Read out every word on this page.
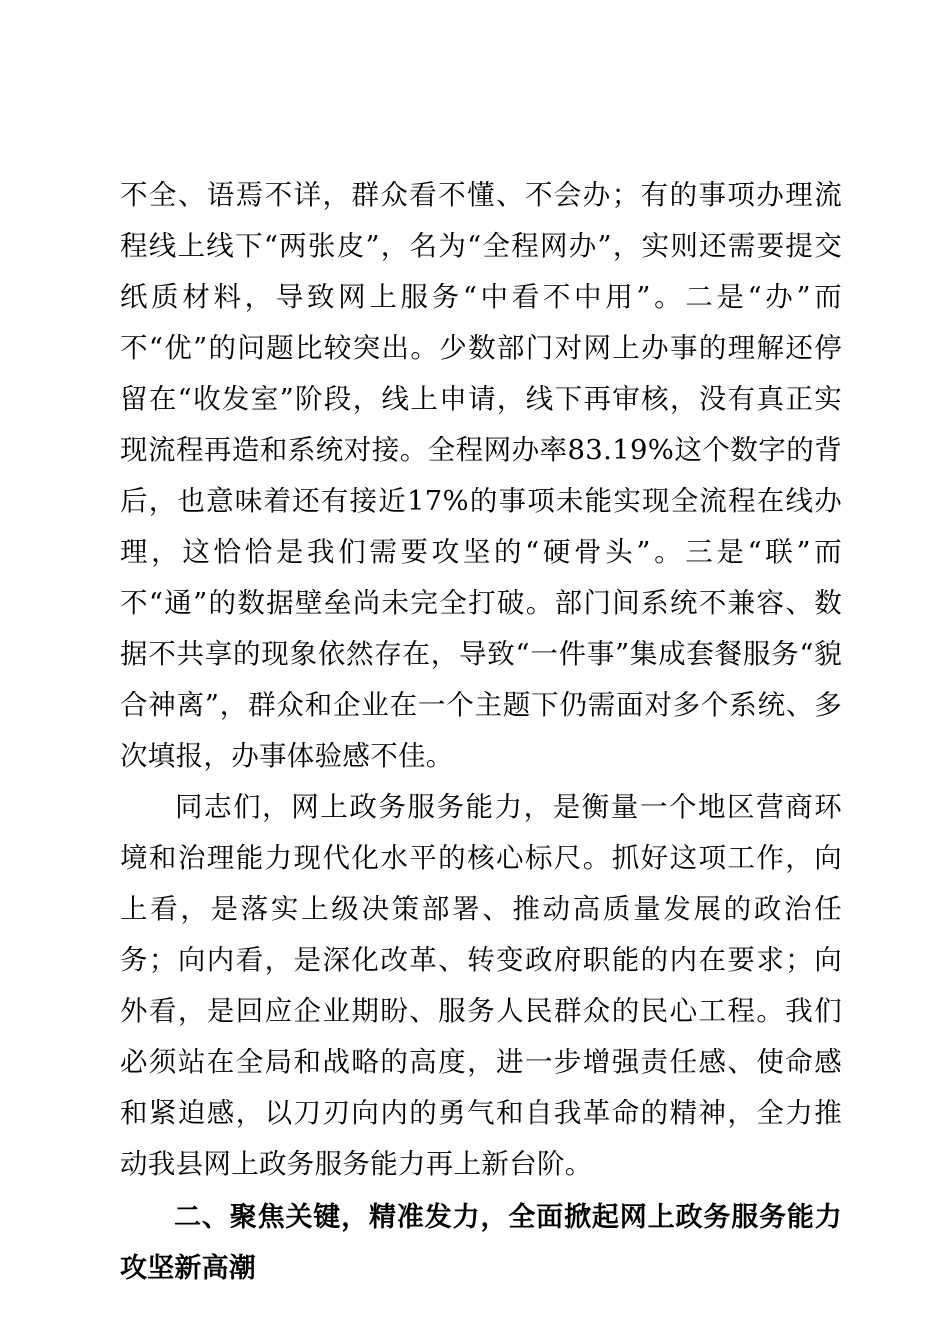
不全、语焉不详，群众看不懂、不会办；有的事项办理流程线上线下“两张皮”，名为“全程网办”，实则还需要提交纸质材料，导致网上服务“中看不中用”。二是“办”而不“优”的问题比较突出。少数部门对网上办事的理解还停留在“收发室”阶段，线上申请，线下再审核，没有真正实现流程再造和系统对接。全程网办率83.19%这个数字的背后，也意味着还有接近17%的事项未能实现全流程在线办理，这恰恰是我们需要攻坚的“硬骨头”。三是“联”而不“通”的数据壁垒尚未完全打破。部门间系统不兼容、数据不共享的现象依然存在，导致“一件事”集成套餐服务“貌合神离”，群众和企业在一个主题下仍需面对多个系统、多次填报，办事体验感不佳。

同志们，网上政务服务能力，是衡量一个地区营商环境和治理能力现代化水平的核心标尺。抓好这项工作，向上看，是落实上级决策部署、推动高质量发展的政治任务；向内看，是深化改革、转变政府职能的内在要求；向外看，是回应企业期盼、服务人民群众的民心工程。我们必须站在全局和战略的高度，进一步增强责任感、使命感和紧迫感，以刀刃向内的勇气和自我革命的精神，全力推动我县网上政务服务能力再上新台阶。

二、聚焦关键，精准发力，全面掀起网上政务服务能力攻坚新高潮
